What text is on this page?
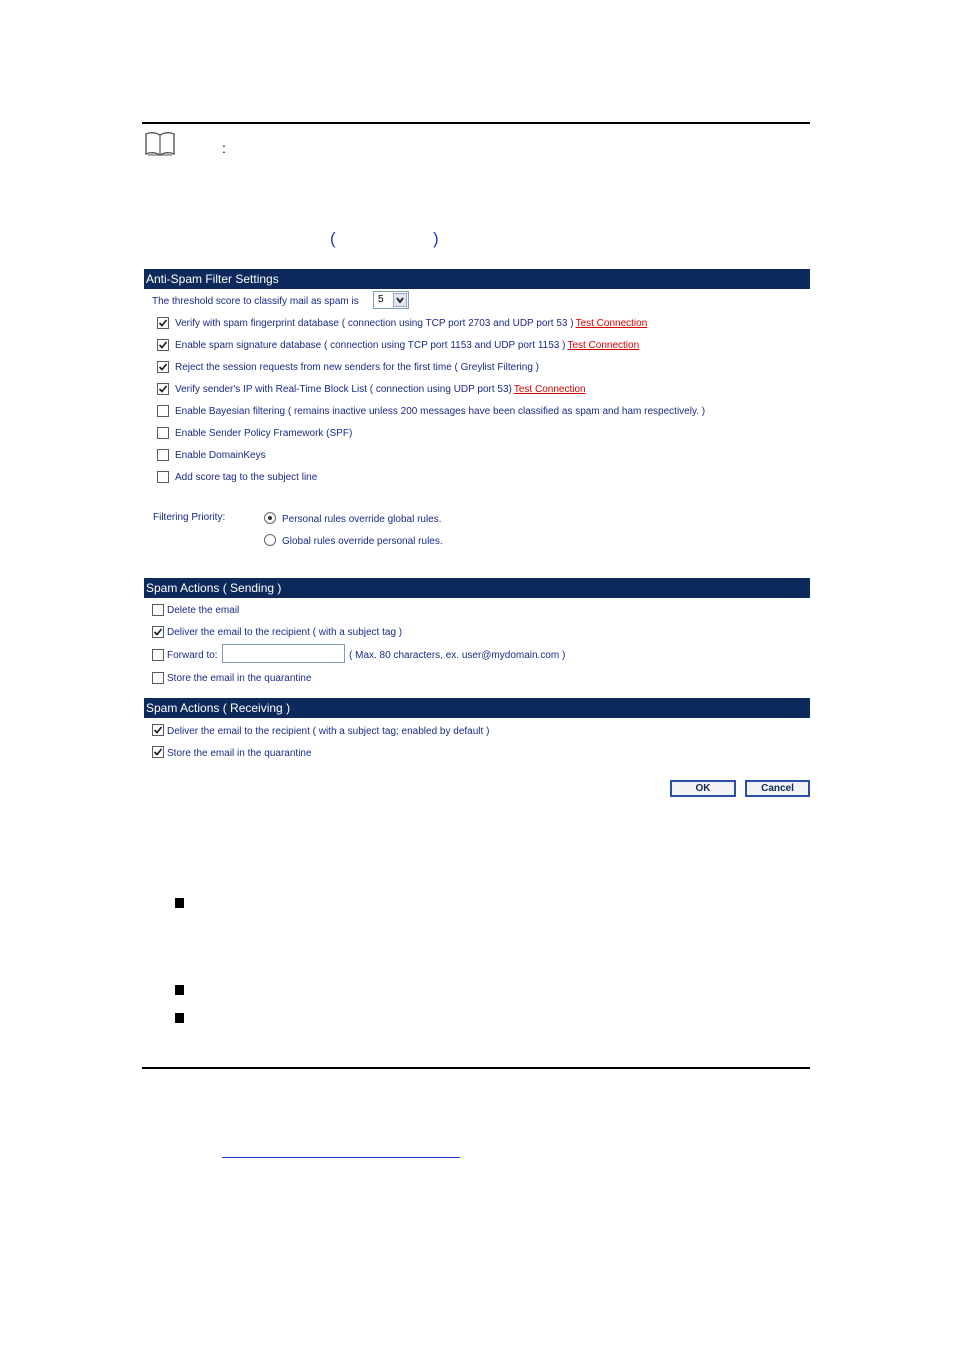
:
(	)
Anti-Spam Filter Settings
The threshold score to classify mail as spam is 5
Verify with spam fingerprint database ( connection using TCP port 2703 and UDP port 53 ) Test Connection
Enable spam signature database ( connection using TCP port 1153 and UDP port 1153 ) Test Connection
Reject the session requests from new senders for the first time ( Greylist Filtering )
Verify sender's IP with Real-Time Block List ( connection using UDP port 53) Test Connection
Enable Bayesian filtering ( remains inactive unless 200 messages have been classified as spam and ham respectively. )
Enable Sender Policy Framework (SPF)
Enable DomainKeys
Add score tag to the subject line
Filtering Priority:	Personal rules override global rules.
Global rules override personal rules.
Spam Actions ( Sending )
Delete the email
Deliver the email to the recipient ( with a subject tag )
Forward to:	( Max. 80 characters, ex. user@mydomain.com )
Store the email in the quarantine
Spam Actions ( Receiving )
Deliver the email to the recipient ( with a subject tag; enabled by default )
Store the email in the quarantine
OK	Cancel
